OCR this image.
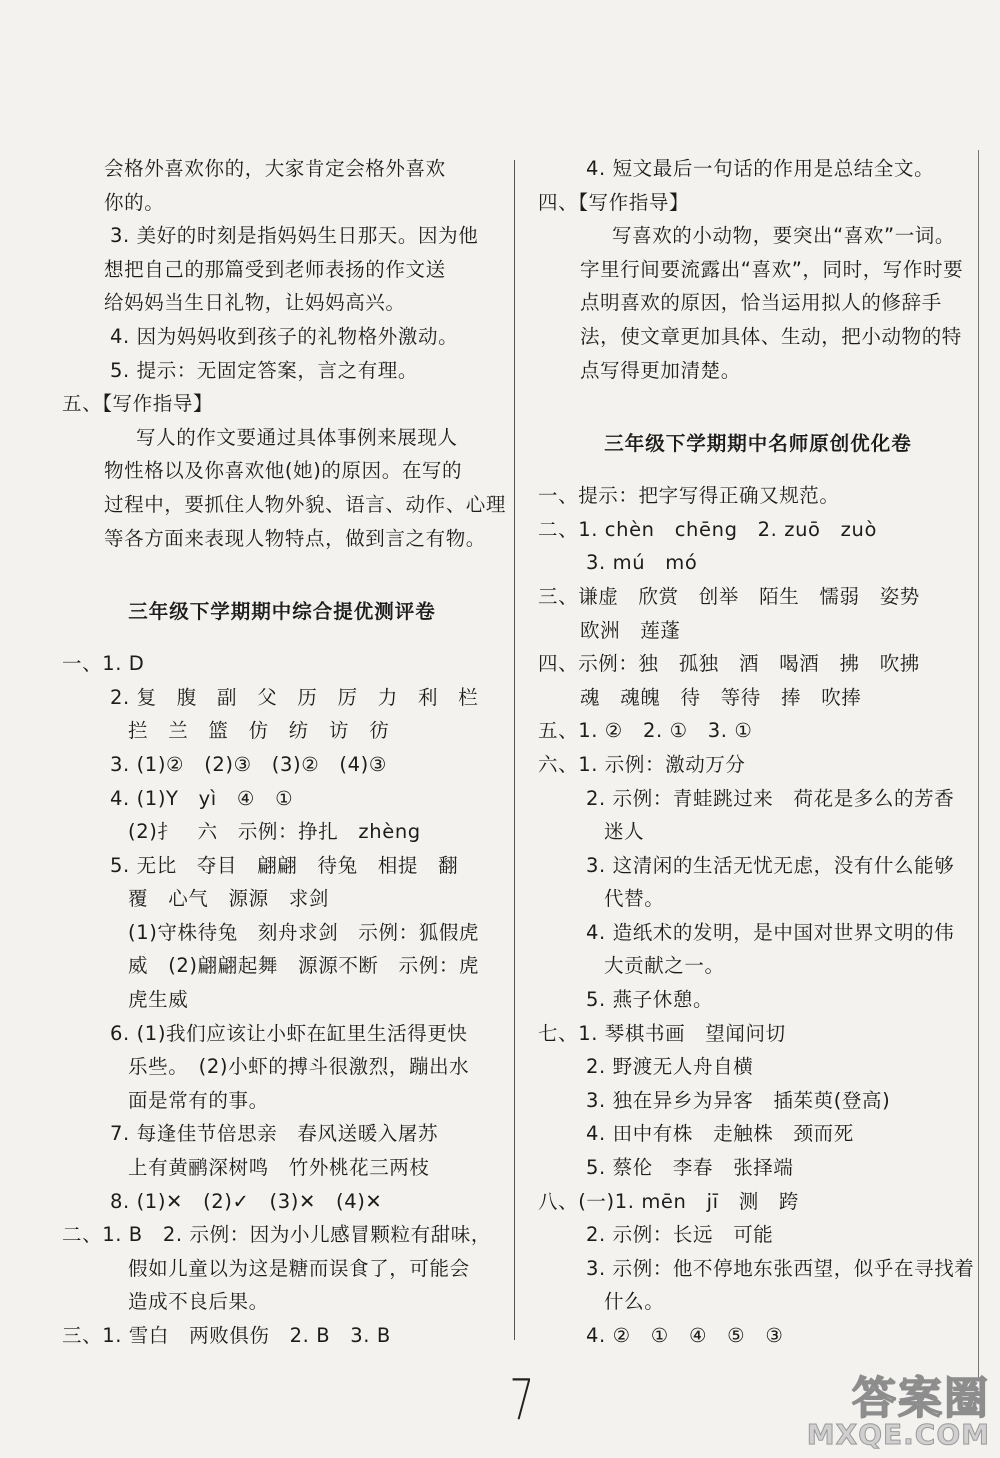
会格外喜欢你的，大家肯定会格外喜欢
你的。
3. 美好的时刻是指妈妈生日那天。因为他
想把自己的那篇受到老师表扬的作文送
给妈妈当生日礼物，让妈妈高兴。
4. 因为妈妈收到孩子的礼物格外激动。
5. 提示：无固定答案，言之有理。
五、【写作指导】
写人的作文要通过具体事例来展现人
物性格以及你喜欢他(她)的原因。在写的
过程中，要抓住人物外貌、语言、动作、心理
等各方面来表现人物特点，做到言之有物。
三年级下学期期中综合提优测评卷
一、1. D
2. 复　腹　副　父　历　厉　力　利　栏
拦　兰　篮　仿　纺　访　彷
3. (1)②　(2)③　(3)②　(4)③
4. (1)Y　yì　④　①
(2)扌　六　示例：挣扎　zhèng
5. 无比　夺目　翩翩　待兔　相提　翻
覆　心气　源源　求剑
(1)守株待兔　刻舟求剑　示例：狐假虎
威　(2)翩翩起舞　源源不断　示例：虎
虎生威
6. (1)我们应该让小虾在缸里生活得更快
乐些。　(2)小虾的搏斗很激烈，蹦出水
面是常有的事。
7. 每逢佳节倍思亲　春风送暖入屠苏
上有黄鹂深树鸣　竹外桃花三两枝
8. (1)✕　(2)✓　(3)✕　(4)✕
二、1. B　2. 示例：因为小儿感冒颗粒有甜味，
假如儿童以为这是糖而误食了，可能会
造成不良后果。
三、1. 雪白　两败俱伤　2. B　3. B
4. 短文最后一句话的作用是总结全文。
四、【写作指导】
写喜欢的小动物，要突出“喜欢”一词。
字里行间要流露出“喜欢”，同时，写作时要
点明喜欢的原因，恰当运用拟人的修辞手
法，使文章更加具体、生动，把小动物的特
点写得更加清楚。
三年级下学期期中名师原创优化卷
一、提示：把字写得正确又规范。
二、1. chèn　chēng　2. zuō　zuò
3. mú　mó
三、谦虚　欣赏　创举　陌生　懦弱　姿势
欧洲　莲蓬
四、示例：独　孤独　酒　喝酒　拂　吹拂
魂　魂魄　待　等待　捧　吹捧
五、1. ②　2. ①　3. ①
六、1. 示例：激动万分
2. 示例：青蛙跳过来　荷花是多么的芳香
迷人
3. 这清闲的生活无忧无虑，没有什么能够
代替。
4. 造纸术的发明，是中国对世界文明的伟
大贡献之一。
5. 燕子休憩。
七、1. 琴棋书画　望闻问切
2. 野渡无人舟自横
3. 独在异乡为异客　插茱萸(登高)
4. 田中有株　走触株　颈而死
5. 蔡伦　李春　张择端
八、(一)1. mēn　jī　测　跨
2. 示例：长远　可能
3. 示例：他不停地东张西望，似乎在寻找着
什么。
4. ②　①　④　⑤　③
7	答案圈
MXQE.COM
